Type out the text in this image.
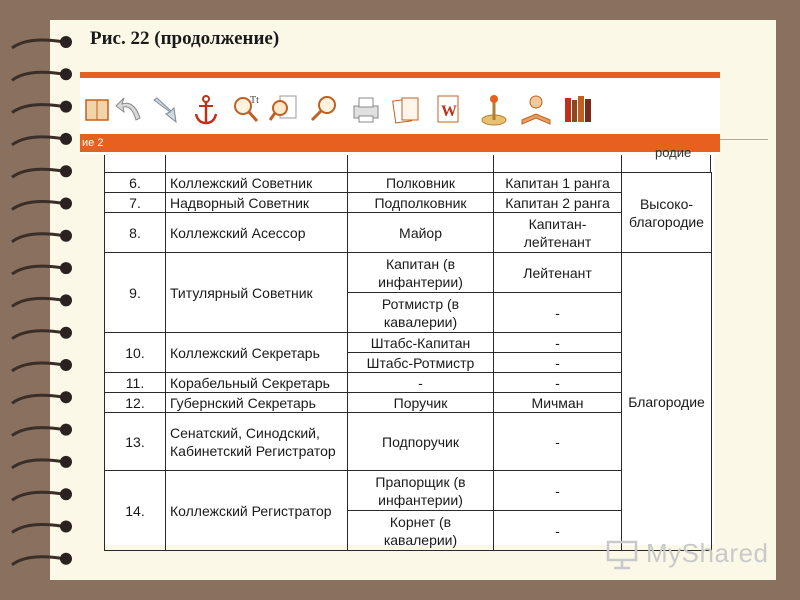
Рис. 22 (продолжение)
Tt
W
ие 2
родие
6.	Коллежский Советник	Полковник	Капитан 1 ранга	Высоко-благородие
7.	Надворный Советник	Подполковник	Капитан 2 ранга	
8.	Коллежский Асессор	Майор	Капитан-лейтенант	
9.	Титулярный Советник	Капитан (в инфантерии)	Лейтенант	Благородие
		Ротмистр (в кавалерии)	-	
10.	Коллежский Секретарь	Штабс-Капитан	-	
		Штабс-Ротмистр	-	
11.	Корабельный Секретарь	-	-	
12.	Губернский Секретарь	Поручик	Мичман	
13.	Сенатский, Синодский, Кабинетский Регистратор	Подпоручик	-	
14.	Коллежский Регистратор	Прапорщик (в инфантерии)	-	
		Корнет (в кавалерии)	-	
MyShared
